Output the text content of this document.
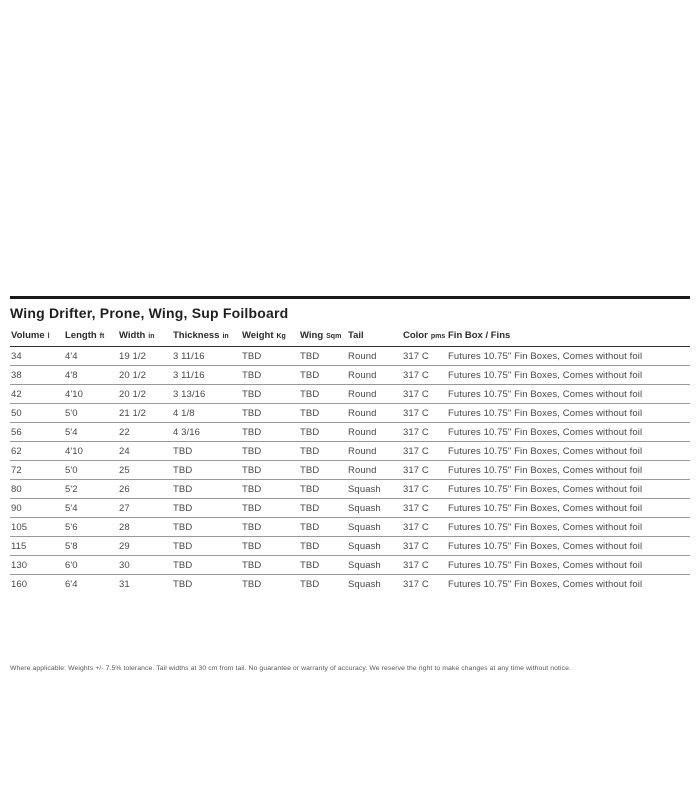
Wing Drifter, Prone, Wing, Sup Foilboard
Volume l	Length ft	Width in	Thickness in	Weight Kg	Wing Sqm	Tail	Color pms	Fin Box / Fins
34	4'4	19 1/2	3 11/16	TBD	TBD	Round	317 C	Futures 10.75" Fin Boxes, Comes without foil
38	4'8	20 1/2	3 11/16	TBD	TBD	Round	317 C	Futures 10.75" Fin Boxes, Comes without foil
42	4'10	20 1/2	3 13/16	TBD	TBD	Round	317 C	Futures 10.75" Fin Boxes, Comes without foil
50	5'0	21 1/2	4 1/8	TBD	TBD	Round	317 C	Futures 10.75" Fin Boxes, Comes without foil
56	5'4	22	4 3/16	TBD	TBD	Round	317 C	Futures 10.75" Fin Boxes, Comes without foil
62	4'10	24	TBD	TBD	TBD	Round	317 C	Futures 10.75" Fin Boxes, Comes without foil
72	5'0	25	TBD	TBD	TBD	Round	317 C	Futures 10.75" Fin Boxes, Comes without foil
80	5'2	26	TBD	TBD	TBD	Squash	317 C	Futures 10.75" Fin Boxes, Comes without foil
90	5'4	27	TBD	TBD	TBD	Squash	317 C	Futures 10.75" Fin Boxes, Comes without foil
105	5'6	28	TBD	TBD	TBD	Squash	317 C	Futures 10.75" Fin Boxes, Comes without foil
115	5'8	29	TBD	TBD	TBD	Squash	317 C	Futures 10.75" Fin Boxes, Comes without foil
130	6'0	30	TBD	TBD	TBD	Squash	317 C	Futures 10.75" Fin Boxes, Comes without foil
160	6'4	31	TBD	TBD	TBD	Squash	317 C	Futures 10.75" Fin Boxes, Comes without foil

Where applicable: Weights +/- 7.5% tolerance. Tail widths at 30 cm from tail. No guarantee or warranty of accuracy. We reserve the right to make changes at any time without notice.
